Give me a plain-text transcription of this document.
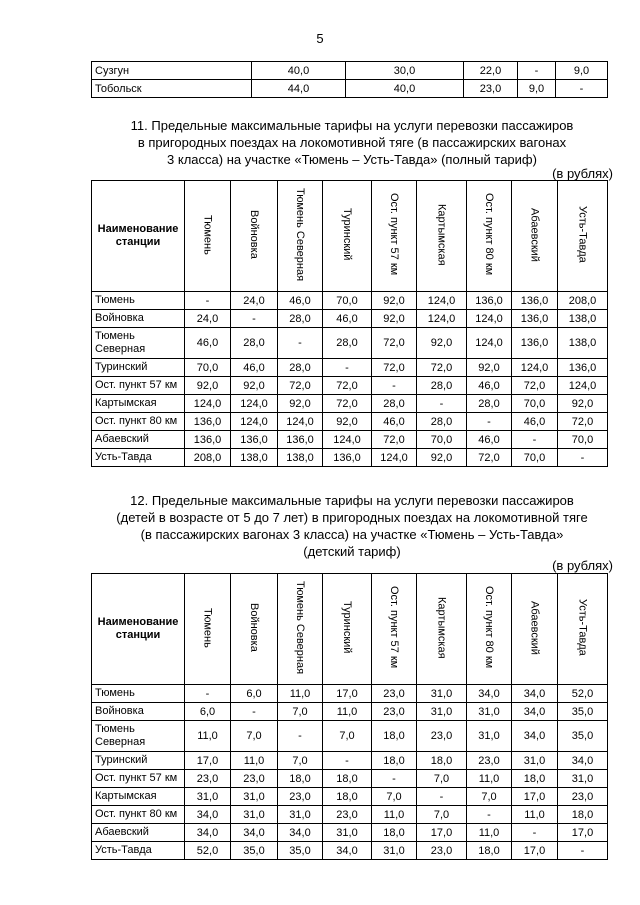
5
Сузгун	40,0	30,0	22,0	-	9,0
Тобольск	44,0	40,0	23,0	9,0	-
11. Предельные максимальные тарифы на услуги перевозки пассажиров
в пригородных поездах на локомотивной тяге (в пассажирских вагонах
3 класса) на участке «Тюмень – Усть-Тавда» (полный тариф)
(в рублях)
Наименование станции	Тюмень	Войновка	Тюмень Северная	Туринский	Ост. пункт 57 км	Картымская	Ост. пункт 80 км	Абаевский	Усть-Тавда
Тюмень	-	24,0	46,0	70,0	92,0	124,0	136,0	136,0	208,0
Войновка	24,0	-	28,0	46,0	92,0	124,0	124,0	136,0	138,0
Тюмень Северная	46,0	28,0	-	28,0	72,0	92,0	124,0	136,0	138,0
Туринский	70,0	46,0	28,0	-	72,0	72,0	92,0	124,0	136,0
Ост. пункт 57 км	92,0	92,0	72,0	72,0	-	28,0	46,0	72,0	124,0
Картымская	124,0	124,0	92,0	72,0	28,0	-	28,0	70,0	92,0
Ост. пункт 80 км	136,0	124,0	124,0	92,0	46,0	28,0	-	46,0	72,0
Абаевский	136,0	136,0	136,0	124,0	72,0	70,0	46,0	-	70,0
Усть-Тавда	208,0	138,0	138,0	136,0	124,0	92,0	72,0	70,0	-
12. Предельные максимальные тарифы на услуги перевозки пассажиров
(детей в возрасте от 5 до 7 лет) в пригородных поездах на локомотивной тяге
(в пассажирских вагонах 3 класса) на участке «Тюмень – Усть-Тавда»
(детский тариф)
(в рублях)
Наименование станции	Тюмень	Войновка	Тюмень Северная	Туринский	Ост. пункт 57 км	Картымская	Ост. пункт 80 км	Абаевский	Усть-Тавда
Тюмень	-	6,0	11,0	17,0	23,0	31,0	34,0	34,0	52,0
Войновка	6,0	-	7,0	11,0	23,0	31,0	31,0	34,0	35,0
Тюмень Северная	11,0	7,0	-	7,0	18,0	23,0	31,0	34,0	35,0
Туринский	17,0	11,0	7,0	-	18,0	18,0	23,0	31,0	34,0
Ост. пункт 57 км	23,0	23,0	18,0	18,0	-	7,0	11,0	18,0	31,0
Картымская	31,0	31,0	23,0	18,0	7,0	-	7,0	17,0	23,0
Ост. пункт 80 км	34,0	31,0	31,0	23,0	11,0	7,0	-	11,0	18,0
Абаевский	34,0	34,0	34,0	31,0	18,0	17,0	11,0	-	17,0
Усть-Тавда	52,0	35,0	35,0	34,0	31,0	23,0	18,0	17,0	-
